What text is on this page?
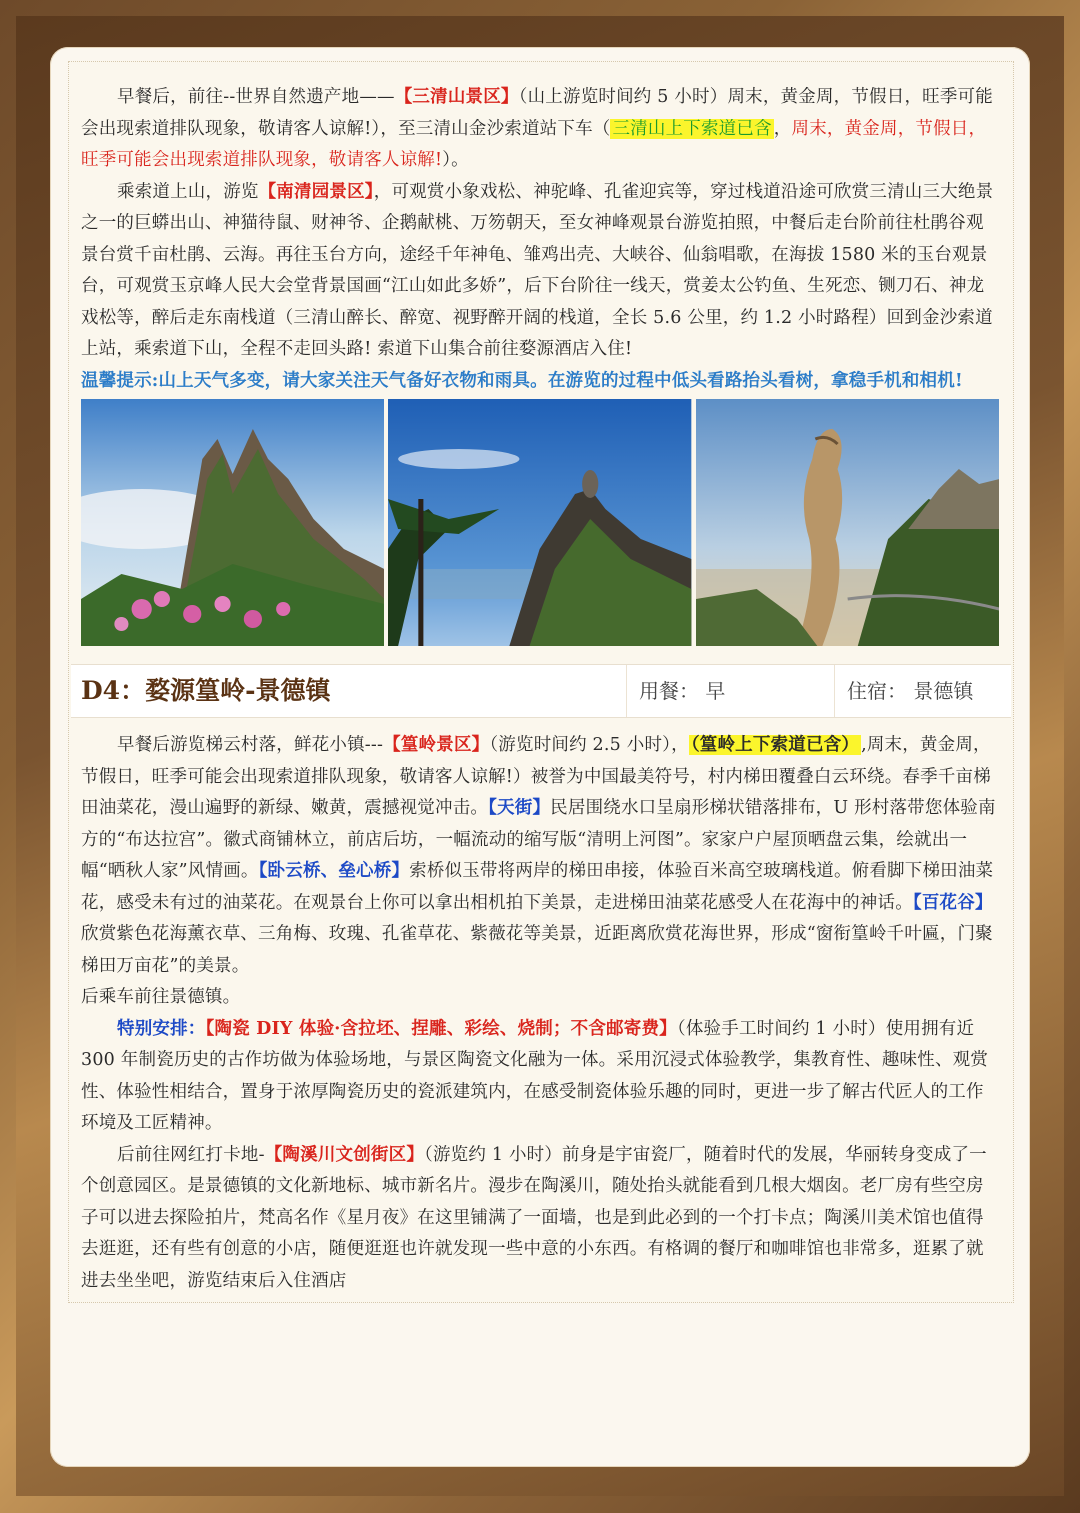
早餐后，前往--世界自然遗产地——【三清山景区】（山上游览时间约 5 小时）周末，黄金周，节假日，旺季可能会出现索道排队现象，敬请客人谅解!），至三清山金沙索道站下车（ 三清山上下索道已含 ，周末，黄金周，节假日，旺季可能会出现索道排队现象，敬请客人谅解!）。

乘索道上山，游览【南清园景区】，可观赏小象戏松、神驼峰、孔雀迎宾等，穿过栈道沿途可欣赏三清山三大绝景之一的巨蟒出山、神猫待鼠、财神爷、企鹅献桃、万笏朝天，至女神峰观景台游览拍照，中餐后走台阶前往杜鹃谷观景台赏千亩杜鹃、云海。再往玉台方向，途经千年神龟、雏鸡出壳、大峡谷、仙翁唱歌，在海拔 1580 米的玉台观景台，可观赏玉京峰人民大会堂背景国画“江山如此多娇”，后下台阶往一线天，赏姜太公钓鱼、生死恋、铡刀石、神龙戏松等，醉后走东南栈道（三清山醉长、醉宽、视野醉开阔的栈道，全长 5.6 公里，约 1.2 小时路程）回到金沙索道上站，乘索道下山，全程不走回头路! 索道下山集合前往婺源酒店入住!

温馨提示:山上天气多变，请大家关注天气备好衣物和雨具。在游览的过程中低头看路抬头看树，拿稳手机和相机!

D4：婺源篁岭-景德镇	用餐： 早	住宿： 景德镇

早餐后游览梯云村落，鲜花小镇---【篁岭景区】（游览时间约 2.5 小时）， （篁岭上下索道已含） ,周末，黄金周，节假日，旺季可能会出现索道排队现象，敬请客人谅解!）被誉为中国最美符号，村内梯田覆叠白云环绕。春季千亩梯田油菜花，漫山遍野的新绿、嫩黄，震撼视觉冲击。【天街】民居围绕水口呈扇形梯状错落排布，U 形村落带您体验南方的“布达拉宫”。徽式商铺林立，前店后坊，一幅流动的缩写版“清明上河图”。家家户户屋顶晒盘云集，绘就出一幅“晒秋人家”风情画。【卧云桥、垒心桥】索桥似玉带将两岸的梯田串接，体验百米高空玻璃栈道。俯看脚下梯田油菜花，感受未有过的油菜花。在观景台上你可以拿出相机拍下美景，走进梯田油菜花感受人在花海中的神话。【百花谷】欣赏紫色花海薰衣草、三角梅、玫瑰、孔雀草花、紫薇花等美景，近距离欣赏花海世界，形成“窗衔篁岭千叶匾，门聚梯田万亩花”的美景。

后乘车前往景德镇。

特别安排：【陶瓷 DIY 体验·含拉坯、捏雕、彩绘、烧制；不含邮寄费】（体验手工时间约 1 小时）使用拥有近 300 年制瓷历史的古作坊做为体验场地，与景区陶瓷文化融为一体。采用沉浸式体验教学，集教育性、趣味性、观赏性、体验性相结合，置身于浓厚陶瓷历史的瓷派建筑内，在感受制瓷体验乐趣的同时，更进一步了解古代匠人的工作环境及工匠精神。

后前往网红打卡地-【陶溪川文创街区】（游览约 1 小时）前身是宇宙瓷厂，随着时代的发展，华丽转身变成了一个创意园区。是景德镇的文化新地标、城市新名片。漫步在陶溪川，随处抬头就能看到几根大烟囱。老厂房有些空房子可以进去探险拍片，梵高名作《星月夜》在这里铺满了一面墙，也是到此必到的一个打卡点；陶溪川美术馆也值得去逛逛，还有些有创意的小店，随便逛逛也许就发现一些中意的小东西。有格调的餐厅和咖啡馆也非常多，逛累了就进去坐坐吧，游览结束后入住酒店
